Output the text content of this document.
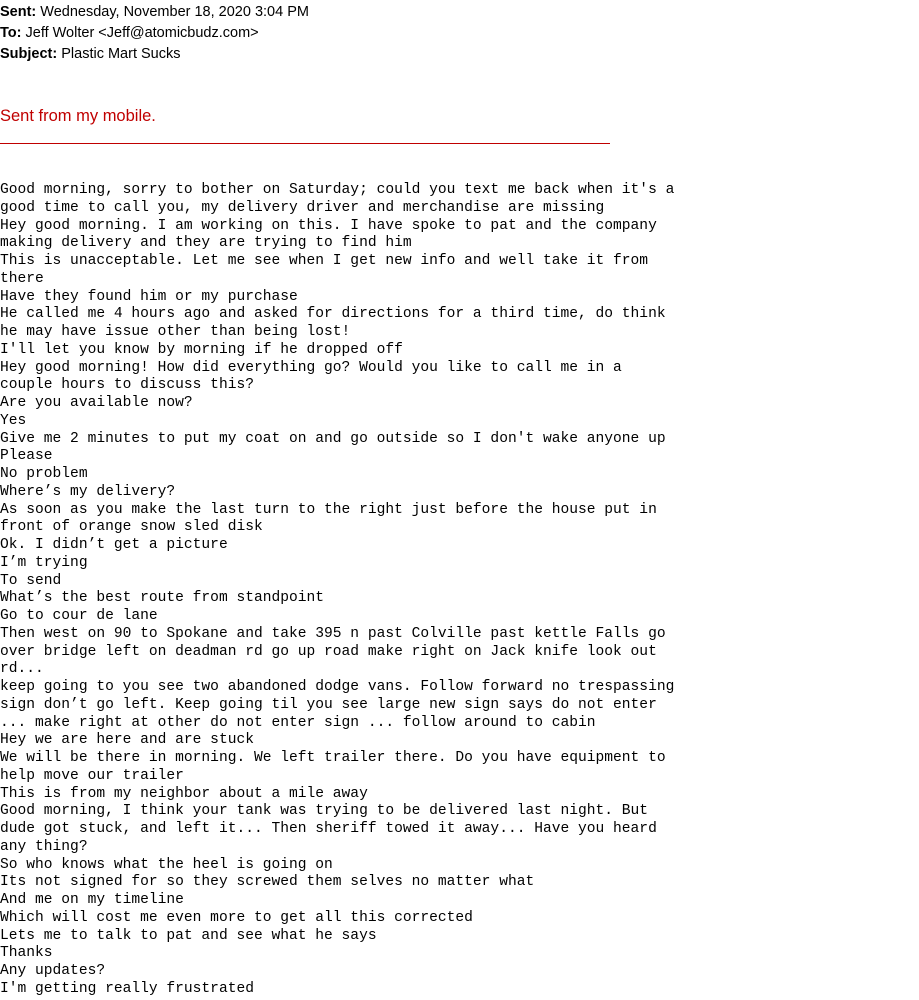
Sent: Wednesday, November 18, 2020 3:04 PM
To: Jeff Wolter <Jeff@atomicbudz.com>
Subject: Plastic Mart Sucks
Sent from my mobile.
Good morning, sorry to bother on Saturday; could you text me back when it's a
good time to call you, my delivery driver and merchandise are missing
Hey good morning. I am working on this. I have spoke to pat and the company
making delivery and they are trying to find him
This is unacceptable. Let me see when I get new info and well take it from
there
Have they found him or my purchase
He called me 4 hours ago and asked for directions for a third time, do think
he may have issue other than being lost!
I'll let you know by morning if he dropped off
Hey good morning! How did everything go? Would you like to call me in a
couple hours to discuss this?
Are you available now?
Yes
Give me 2 minutes to put my coat on and go outside so I don't wake anyone up
Please
No problem
Where’s my delivery?
As soon as you make the last turn to the right just before the house put in
front of orange snow sled disk
Ok. I didn’t get a picture
I’m trying
To send
What’s the best route from standpoint
Go to cour de lane
Then west on 90 to Spokane and take 395 n past Colville past kettle Falls go
over bridge left on deadman rd go up road make right on Jack knife look out
rd...
keep going to you see two abandoned dodge vans. Follow forward no trespassing
sign don’t go left. Keep going til you see large new sign says do not enter
... make right at other do not enter sign ... follow around to cabin
Hey we are here and are stuck
We will be there in morning. We left trailer there. Do you have equipment to
help move our trailer
This is from my neighbor about a mile away
Good morning, I think your tank was trying to be delivered last night. But
dude got stuck, and left it... Then sheriff towed it away... Have you heard
any thing?
So who knows what the heel is going on
Its not signed for so they screwed them selves no matter what
And me on my timeline
Which will cost me even more to get all this corrected
Lets me to talk to pat and see what he says
Thanks
Any updates?
I'm getting really frustrated
